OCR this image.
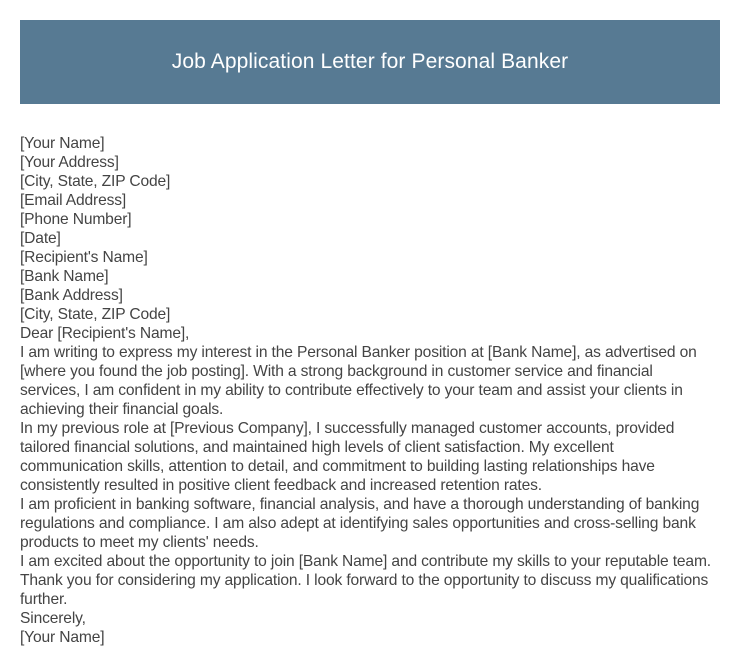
Job Application Letter for Personal Banker

[Your Name]

[Your Address]

[City, State, ZIP Code]

[Email Address]

[Phone Number]

[Date]

[Recipient's Name]

[Bank Name]

[Bank Address]

[City, State, ZIP Code]

Dear [Recipient's Name],

I am writing to express my interest in the Personal Banker position at [Bank Name], as advertised on [where you found the job posting]. With a strong background in customer service and financial services, I am confident in my ability to contribute effectively to your team and assist your clients in achieving their financial goals.

In my previous role at [Previous Company], I successfully managed customer accounts, provided tailored financial solutions, and maintained high levels of client satisfaction. My excellent communication skills, attention to detail, and commitment to building lasting relationships have consistently resulted in positive client feedback and increased retention rates.

I am proficient in banking software, financial analysis, and have a thorough understanding of banking regulations and compliance. I am also adept at identifying sales opportunities and cross-selling bank products to meet my clients' needs.

I am excited about the opportunity to join [Bank Name] and contribute my skills to your reputable team. Thank you for considering my application. I look forward to the opportunity to discuss my qualifications further.

Sincerely,

[Your Name]
